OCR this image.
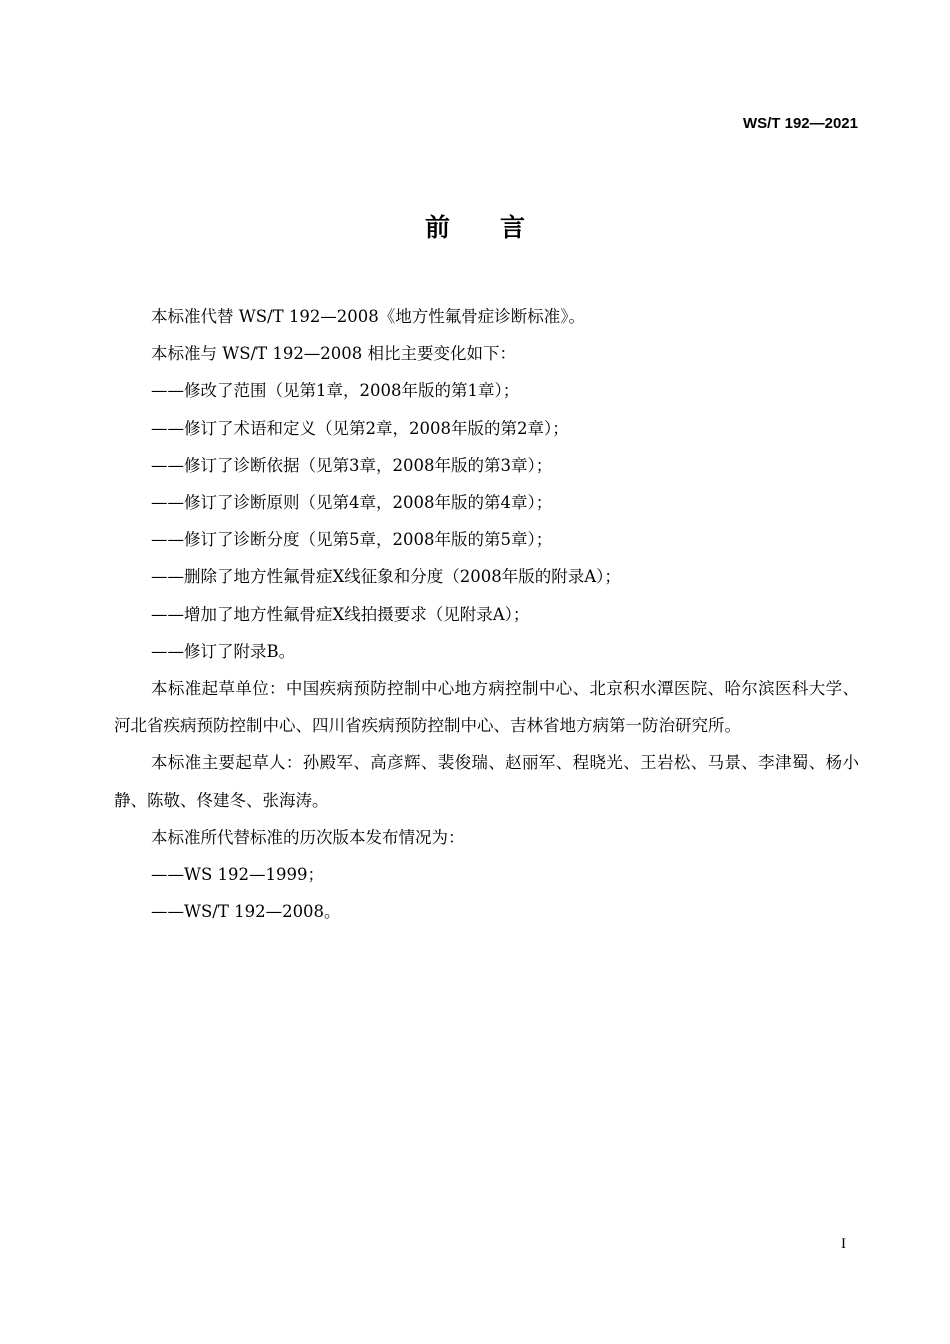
WS/T 192—2021
前言

本标准代替 WS/T 192—2008《地方性氟骨症诊断标准》。

本标准与 WS/T 192—2008 相比主要变化如下：

——修改了范围（见第1章，2008年版的第1章）；

——修订了术语和定义（见第2章，2008年版的第2章）；

——修订了诊断依据（见第3章，2008年版的第3章）；

——修订了诊断原则（见第4章，2008年版的第4章）；

——修订了诊断分度（见第5章，2008年版的第5章）；

——删除了地方性氟骨症X线征象和分度（2008年版的附录A）；

——增加了地方性氟骨症X线拍摄要求（见附录A）；

——修订了附录B。

本标准起草单位：中国疾病预防控制中心地方病控制中心、北京积水潭医院、哈尔滨医科大学、河北省疾病预防控制中心、四川省疾病预防控制中心、吉林省地方病第一防治研究所。

本标准主要起草人：孙殿军、高彦辉、裴俊瑞、赵丽军、程晓光、王岩松、马景、李津蜀、杨小静、陈敬、佟建冬、张海涛。

本标准所代替标准的历次版本发布情况为：

——WS 192—1999；

——WS/T 192—2008。

I
